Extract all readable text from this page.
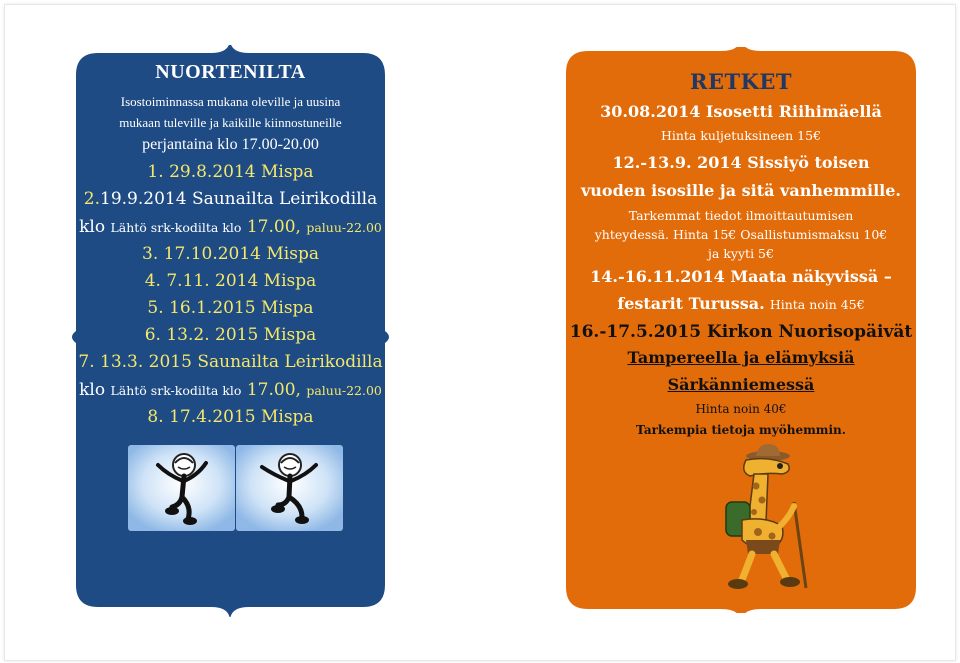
NUORTENILTA
Isostoiminnassa mukana oleville ja uusina
mukaan tuleville ja kaikille kiinnostuneille
perjantaina klo 17.00-20.00
1. 29.8.2014 Mispa
2.19.9.2014 Saunailta Leirikodilla
klo Lähtö srk-kodilta klo 17.00, paluu-22.00
3. 17.10.2014 Mispa
4. 7.11. 2014 Mispa
5. 16.1.2015 Mispa
6. 13.2. 2015 Mispa
7. 13.3. 2015 Saunailta Leirikodilla
klo Lähtö srk-kodilta klo 17.00, paluu-22.00
8. 17.4.2015 Mispa
RETKET
30.08.2014 Isosetti Riihimäellä
Hinta kuljetuksineen 15€
12.-13.9. 2014 Sissiyö toisen
vuoden isosille ja sitä vanhemmille.
Tarkemmat tiedot ilmoittautumisen
yhteydessä. Hinta 15€ Osallistumismaksu 10€
ja kyyti 5€
14.-16.11.2014 Maata näkyvissä –
festarit Turussa. Hinta noin 45€
16.-17.5.2015 Kirkon Nuorisopäivät
Tampereella ja elämyksiä
Särkänniemessä
Hinta noin 40€
Tarkempia tietoja myöhemmin.
